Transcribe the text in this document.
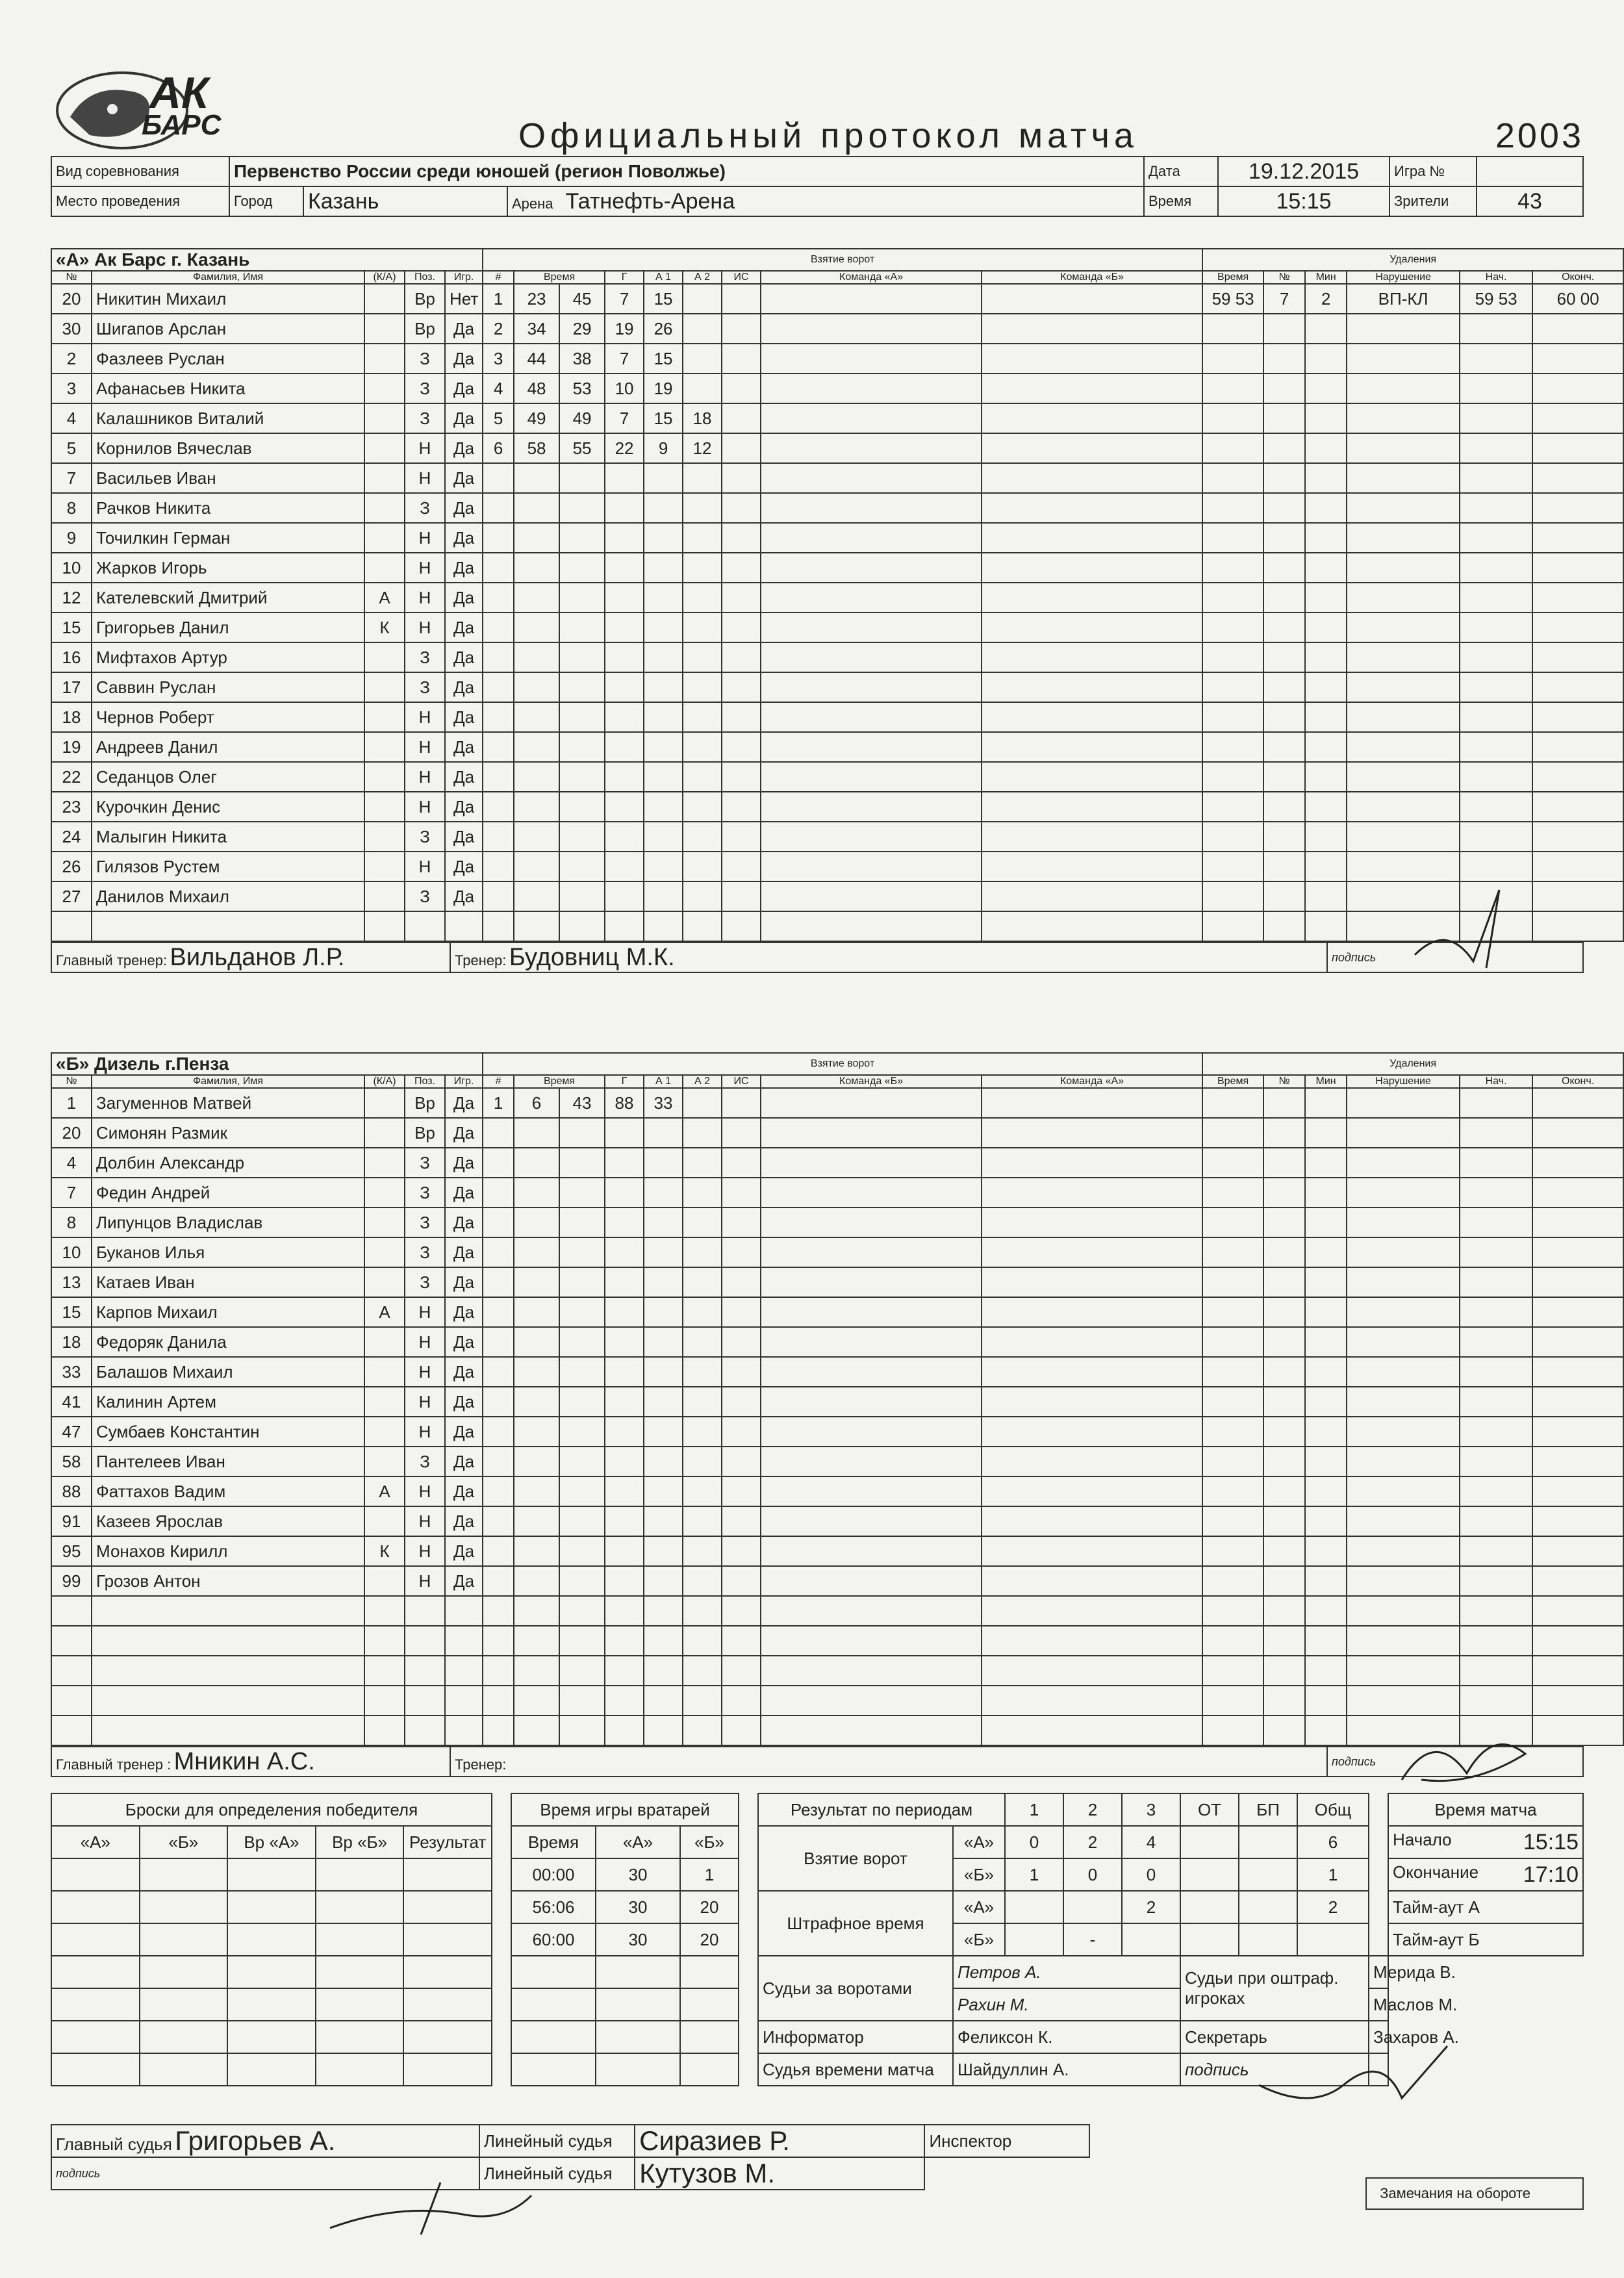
АК
БАРС	Официальный протокол матча	2003
Вид соревнования	Первенство России среди юношей (регион Поволжье)			Дата	19.12.2015	Игра №	
Место проведения	Город	Казань	Арена Татнефть-Арена	Время	15:15	Зрители	43
«А» Ак Барс г. Казань					Взятие ворот									Удаления					
№	Фамилия, Имя	(К/А)	Поз.	Игр.	#	Время		Г	А 1	А 2	ИС	Команда «А»	Команда «Б»	Время	№	Мин	Нарушение	Нач.	Оконч.
20	Никитин Михаил		Вр	Нет	1	23	45	7	15					59 53	7	2	ВП-КЛ	59 53	60 00
30	Шигапов Арслан		Вр	Да	2	34	29	19	26										
2	Фазлеев Руслан		З	Да	3	44	38	7	15										
3	Афанасьев Никита		З	Да	4	48	53	10	19										
4	Калашников Виталий		З	Да	5	49	49	7	15	18									
5	Корнилов Вячеслав		Н	Да	6	58	55	22	9	12									
7	Васильев Иван		Н	Да															
8	Рачков Никита		З	Да															
9	Точилкин Герман		Н	Да															
10	Жарков Игорь		Н	Да															
12	Кателевский Дмитрий	А	Н	Да															
15	Григорьев Данил	К	Н	Да															
16	Мифтахов Артур		З	Да															
17	Саввин Руслан		З	Да															
18	Чернов Роберт		Н	Да															
19	Андреев Данил		Н	Да															
22	Седанцов Олег		Н	Да															
23	Курочкин Денис		Н	Да															
24	Малыгин Никита		З	Да															
26	Гилязов Рустем		Н	Да															
27	Данилов Михаил		З	Да															

Главный тренер: Вильданов Л.Р.	Тренер: Будовниц М.К.	подпись
«Б» Дизель г.Пенза					Взятие ворот									Удаления					
№	Фамилия, Имя	(К/А)	Поз.	Игр.	#	Время		Г	А 1	А 2	ИС	Команда «Б»	Команда «А»	Время	№	Мин	Нарушение	Нач.	Оконч.
1	Загуменнов Матвей		Вр	Да	1	6	43	88	33										
20	Симонян Размик		Вр	Да															
4	Долбин Александр		З	Да															
7	Федин Андрей		З	Да															
8	Липунцов Владислав		З	Да															
10	Буканов Илья		З	Да															
13	Катаев Иван		З	Да															
15	Карпов Михаил	А	Н	Да															
18	Федоряк Данила		Н	Да															
33	Балашов Михаил		Н	Да															
41	Калинин Артем		Н	Да															
47	Сумбаев Константин		Н	Да															
58	Пантелеев Иван		З	Да															
88	Фаттахов Вадим	А	Н	Да															
91	Казеев Ярослав		Н	Да															
95	Монахов Кирилл	К	Н	Да															
99	Грозов Антон		Н	Да															

Главный тренер : Мникин А.С.	Тренер:	подпись
Броски для определения победителя						Время игры вратарей				Результат по периодам		1	2	3	ОТ	БП	Общ		Время матча
«А»	«Б»	Вр «А»	Вр «Б»	Результат		Время	«А»	«Б»		Взятие ворот	«А»	0	2	4			6		Начало 15:15

						00:00	30	1			«Б»	1	0	0			1		Окончание 17:10

						56:06	30	20		Штрафное время	«А»			2			2		Тайм-аут А
						60:00	30	20			«Б»		-						Тайм-аут Б
										Судьи за воротами	Петров А.				Судьи при оштраф. игроках			Мерида В.	
											Рахин М.							Маслов М.	
										Информатор	Феликсон К.				Секретарь			Захаров А.	
										Судья времени матча	Шайдуллин А.				подпись				
Главный судья Григорьев А.	Линейный судья	Сиразиев Р.	Инспектор
подпись	Линейный судья	Кутузов М.	
Замечания на обороте
